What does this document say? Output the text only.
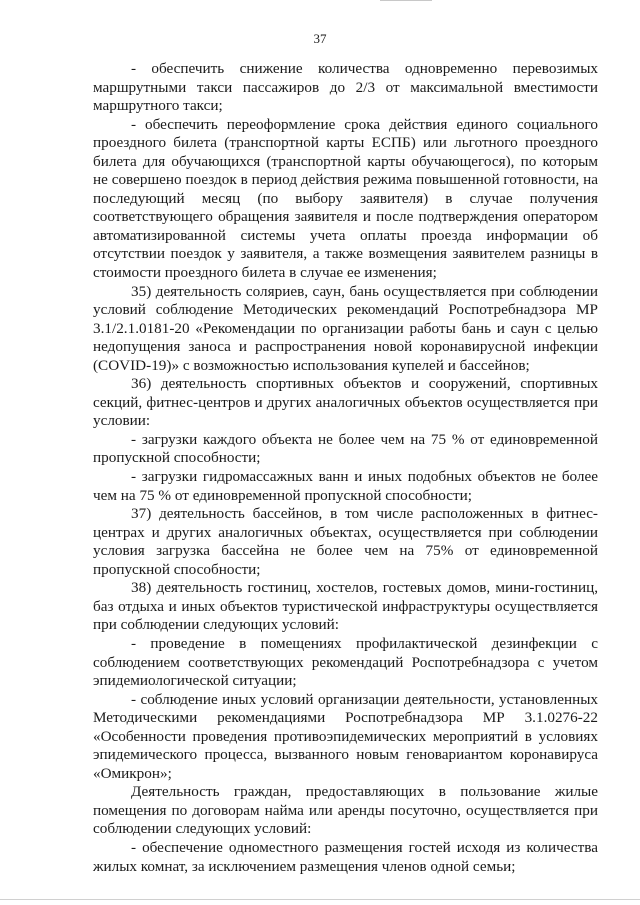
37

- обеспечить снижение количества одновременно перевозимых маршрутными такси пассажиров до 2/3 от максимальной вместимости маршрутного такси;

- обеспечить переоформление срока действия единого социального проездного билета (транспортной карты ЕСПБ) или льготного проездного билета для обучающихся (транспортной карты обучающегося), по которым не совершено поездок в период действия режима повышенной готовности, на последующий месяц (по выбору заявителя) в случае получения соответствующего обращения заявителя и после подтверждения оператором автоматизированной системы учета оплаты проезда информации об отсутствии поездок у заявителя, а также возмещения заявителем разницы в стоимости проездного билета в случае ее изменения;

35) деятельность соляриев, саун, бань осуществляется при соблюдении условий соблюдение Методических рекомендаций Роспотребнадзора МР 3.1/2.1.0181-20 «Рекомендации по организации работы бань и саун с целью недопущения заноса и распространения новой коронавирусной инфекции (COVID-19)» с возможностью использования купелей и бассейнов;

36) деятельность спортивных объектов и сооружений, спортивных секций, фитнес-центров и других аналогичных объектов осуществляется при условии:

- загрузки каждого объекта не более чем на 75 % от единовременной пропускной способности;

- загрузки гидромассажных ванн и иных подобных объектов не более чем на 75 % от единовременной пропускной способности;

37) деятельность бассейнов, в том числе расположенных в фитнес-центрах и других аналогичных объектах, осуществляется при соблюдении условия загрузка бассейна не более чем на 75% от единовременной пропускной способности;

38) деятельность гостиниц, хостелов, гостевых домов, мини-гостиниц, баз отдыха и иных объектов туристической инфраструктуры осуществляется при соблюдении следующих условий:

- проведение в помещениях профилактической дезинфекции с соблюдением соответствующих рекомендаций Роспотребнадзора с учетом эпидемиологической ситуации;

- соблюдение иных условий организации деятельности, установленных Методическими рекомендациями Роспотребнадзора МР 3.1.0276-22 «Особенности проведения противоэпидемических мероприятий в условиях эпидемического процесса, вызванного новым геновариантом коронавируса «Омикрон»;

Деятельность граждан, предоставляющих в пользование жилые помещения по договорам найма или аренды посуточно, осуществляется при соблюдении следующих условий:

- обеспечение одноместного размещения гостей исходя из количества жилых комнат, за исключением размещения членов одной семьи;
